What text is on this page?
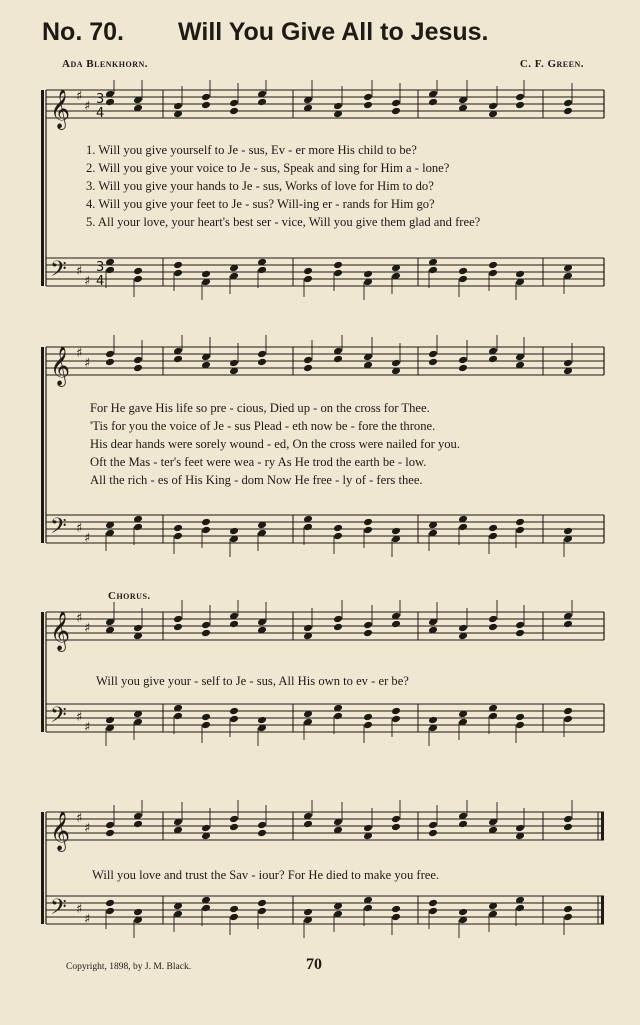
No. 70. Will You Give All to Jesus.
Ada Blenkhorn.	C. F. Green.
𝄞
𝄢
♯
♯
♯
♯
3
4
3
4
1. Will you give yourself to Je - sus, Ev - er more His child to be?
2. Will you give your voice to Je - sus, Speak and sing for Him a - lone?
3. Will you give your hands to Je - sus, Works of love for Him to do?
4. Will you give your feet to Je - sus? Will-ing er - rands for Him go?
5. All your love, your heart's best ser - vice, Will you give them glad and free?
𝄞
𝄢
♯
♯
♯
♯
For He gave His life so pre - cious, Died up - on the cross for Thee.
'Tis for you the voice of Je - sus Plead - eth now be - fore the throne.
His dear hands were sorely wound - ed, On the cross were nailed for you.
Oft the Mas - ter's feet were wea - ry As He trod the earth be - low.
All the rich - es of His King - dom Now He free - ly of - fers thee.
Chorus.
𝄞
𝄢
♯
♯
♯
♯
Will you give your - self to Je - sus, All His own to ev - er be?
𝄞
𝄢
♯
♯
♯
♯
Will you love and trust the Sav - iour? For He died to make you free.
Copyright, 1898, by J. M. Black.	70
